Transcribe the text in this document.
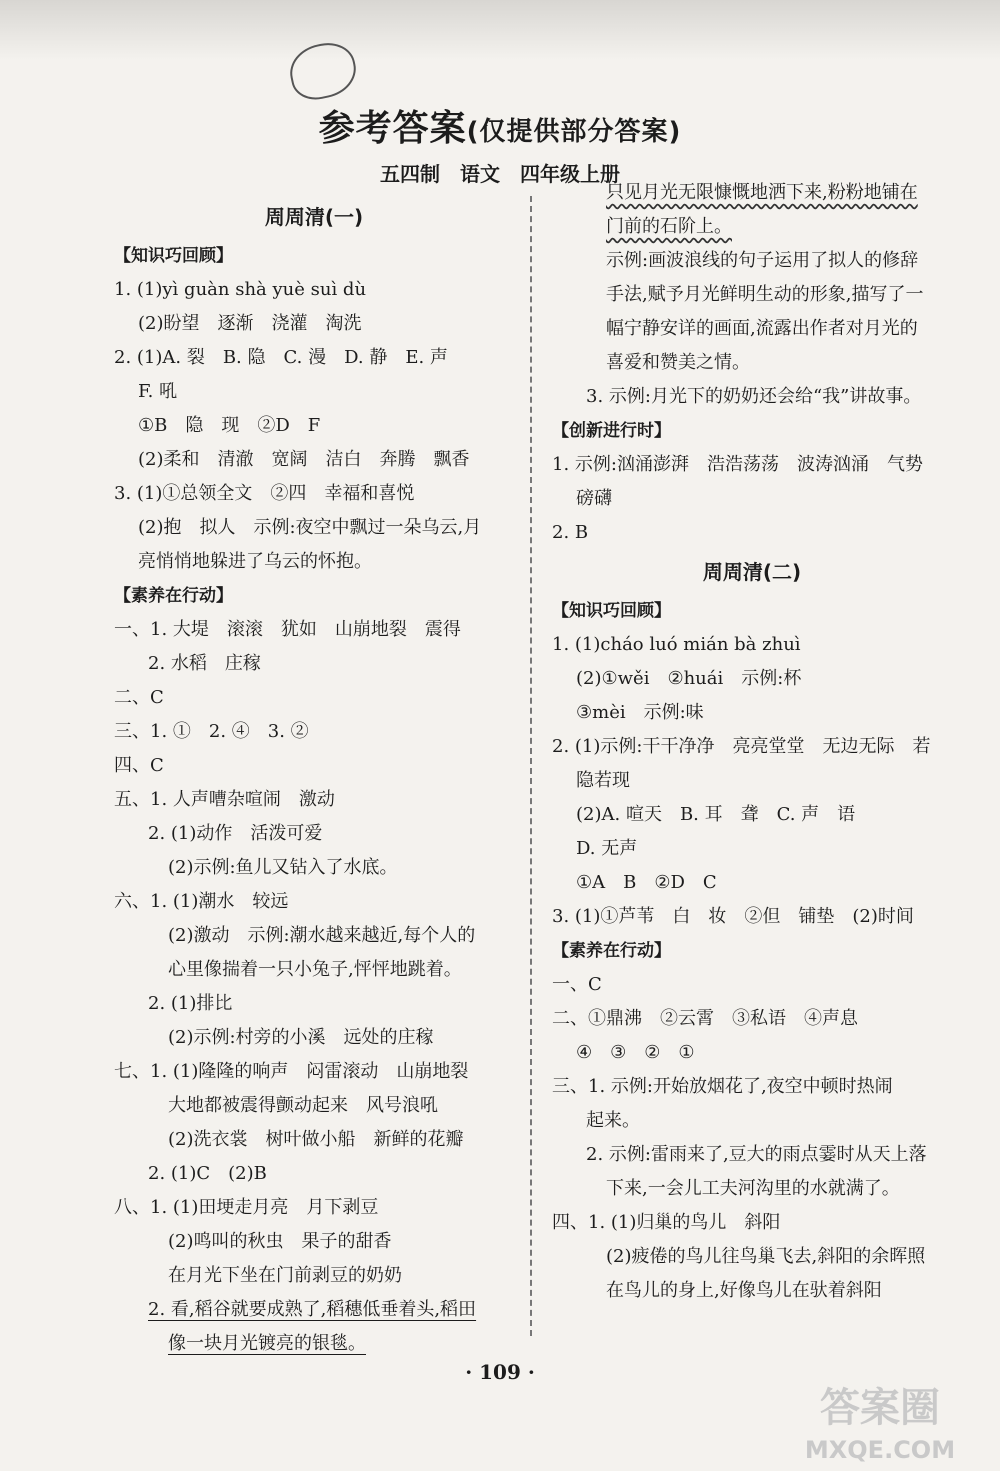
参考答案(仅提供部分答案)
五四制　语文　四年级上册
周周清(一)
【知识巧回顾】
1. (1)yì guàn shà yuè suì dù
(2)盼望　逐渐　浇灌　淘洗
2. (1)A. 裂　B. 隐　C. 漫　D. 静　E. 声
F. 吼
①B　隐　现　②D　F
(2)柔和　清澈　宽阔　洁白　奔腾　飘香
3. (1)①总领全文　②四　幸福和喜悦
(2)抱　拟人　示例:夜空中飘过一朵乌云,月
亮悄悄地躲进了乌云的怀抱。
【素养在行动】
一、1. 大堤　滚滚　犹如　山崩地裂　震得
2. 水稻　庄稼
二、C
三、1. ①　2. ④　3. ②
四、C
五、1. 人声嘈杂喧闹　激动
2. (1)动作　活泼可爱
(2)示例:鱼儿又钻入了水底。
六、1. (1)潮水　较远
(2)激动　示例:潮水越来越近,每个人的
心里像揣着一只小兔子,怦怦地跳着。
2. (1)排比
(2)示例:村旁的小溪　远处的庄稼
七、1. (1)隆隆的响声　闷雷滚动　山崩地裂
大地都被震得颤动起来　风号浪吼
(2)洗衣裳　树叶做小船　新鲜的花瓣
2. (1)C　(2)B
八、1. (1)田埂走月亮　月下剥豆
(2)鸣叫的秋虫　果子的甜香
在月光下坐在门前剥豆的奶奶
2. 看,稻谷就要成熟了,稻穗低垂着头,稻田
像一块月光镀亮的银毯。
只见月光无限慷慨地洒下来,粉粉地铺在
门前的石阶上。
示例:画波浪线的句子运用了拟人的修辞
手法,赋予月光鲜明生动的形象,描写了一
幅宁静安详的画面,流露出作者对月光的
喜爱和赞美之情。
3. 示例:月光下的奶奶还会给“我”讲故事。
【创新进行时】
1. 示例:汹涌澎湃　浩浩荡荡　波涛汹涌　气势
磅礴
2. B
周周清(二)
【知识巧回顾】
1. (1)cháo luó mián bà zhuì
(2)①wěi　②huái　示例:杯
③mèi　示例:味
2. (1)示例:干干净净　亮亮堂堂　无边无际　若
隐若现
(2)A. 喧天　B. 耳　聋　C. 声　语
D. 无声
①A　B　②D　C
3. (1)①芦苇　白　妆　②但　铺垫　(2)时间
【素养在行动】
一、C
二、①鼎沸　②云霄　③私语　④声息
④　③　②　①
三、1. 示例:开始放烟花了,夜空中顿时热闹
起来。
2. 示例:雷雨来了,豆大的雨点霎时从天上落
下来,一会儿工夫河沟里的水就满了。
四、1. (1)归巢的鸟儿　斜阳
(2)疲倦的鸟儿往鸟巢飞去,斜阳的余晖照
在鸟儿的身上,好像鸟儿在驮着斜阳
· 109 ·
答案圈
MXQE.COM
